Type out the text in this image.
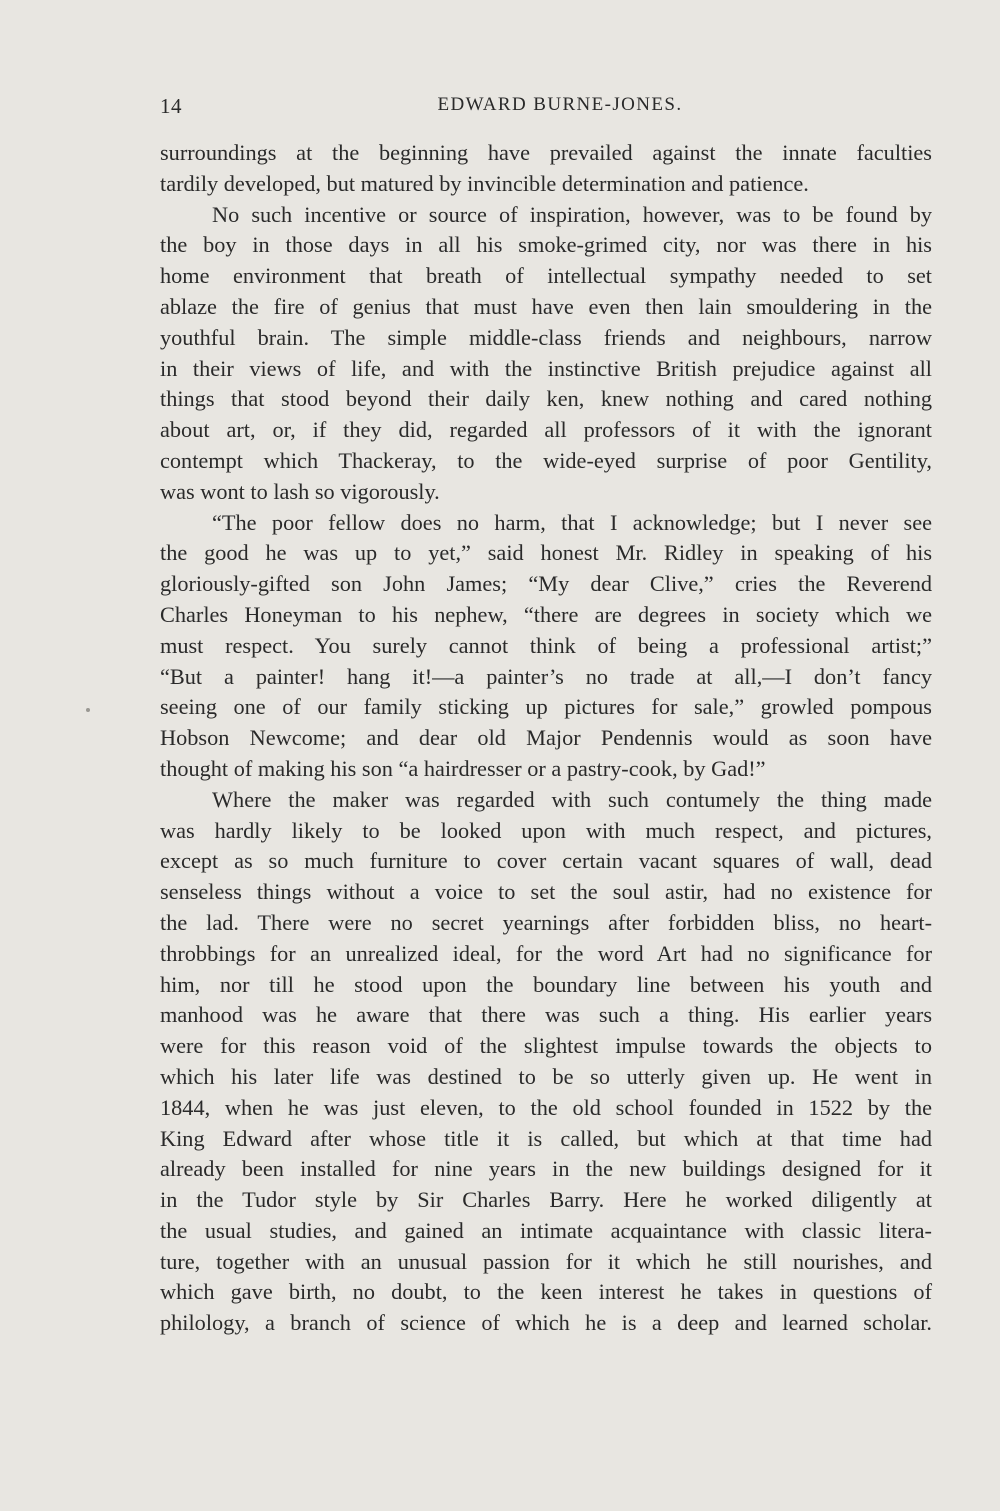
14	EDWARD BURNE-JONES.
surroundings at the beginning have prevailed against the innate faculties
tardily developed, but matured by invincible determination and patience.
No such incentive or source of inspiration, however, was to be found by
the boy in those days in all his smoke-grimed city, nor was there in his
home environment that breath of intellectual sympathy needed to set
ablaze the fire of genius that must have even then lain smouldering in the
youthful brain. The simple middle-class friends and neighbours, narrow
in their views of life, and with the instinctive British prejudice against all
things that stood beyond their daily ken, knew nothing and cared nothing
about art, or, if they did, regarded all professors of it with the ignorant
contempt which Thackeray, to the wide-eyed surprise of poor Gentility,
was wont to lash so vigorously.
“The poor fellow does no harm, that I acknowledge; but I never see
the good he was up to yet,” said honest Mr. Ridley in speaking of his
gloriously-gifted son John James; “My dear Clive,” cries the Reverend
Charles Honeyman to his nephew, “there are degrees in society which we
must respect. You surely cannot think of being a professional artist;”
“But a painter! hang it!—a painter’s no trade at all,—I don’t fancy
seeing one of our family sticking up pictures for sale,” growled pompous
Hobson Newcome; and dear old Major Pendennis would as soon have
thought of making his son “a hairdresser or a pastry-cook, by Gad!”
Where the maker was regarded with such contumely the thing made
was hardly likely to be looked upon with much respect, and pictures,
except as so much furniture to cover certain vacant squares of wall, dead
senseless things without a voice to set the soul astir, had no existence for
the lad. There were no secret yearnings after forbidden bliss, no heart-
throbbings for an unrealized ideal, for the word Art had no significance for
him, nor till he stood upon the boundary line between his youth and
manhood was he aware that there was such a thing. His earlier years
were for this reason void of the slightest impulse towards the objects to
which his later life was destined to be so utterly given up. He went in
1844, when he was just eleven, to the old school founded in 1522 by the
King Edward after whose title it is called, but which at that time had
already been installed for nine years in the new buildings designed for it
in the Tudor style by Sir Charles Barry. Here he worked diligently at
the usual studies, and gained an intimate acquaintance with classic litera-
ture, together with an unusual passion for it which he still nourishes, and
which gave birth, no doubt, to the keen interest he takes in questions of
philology, a branch of science of which he is a deep and learned scholar.
